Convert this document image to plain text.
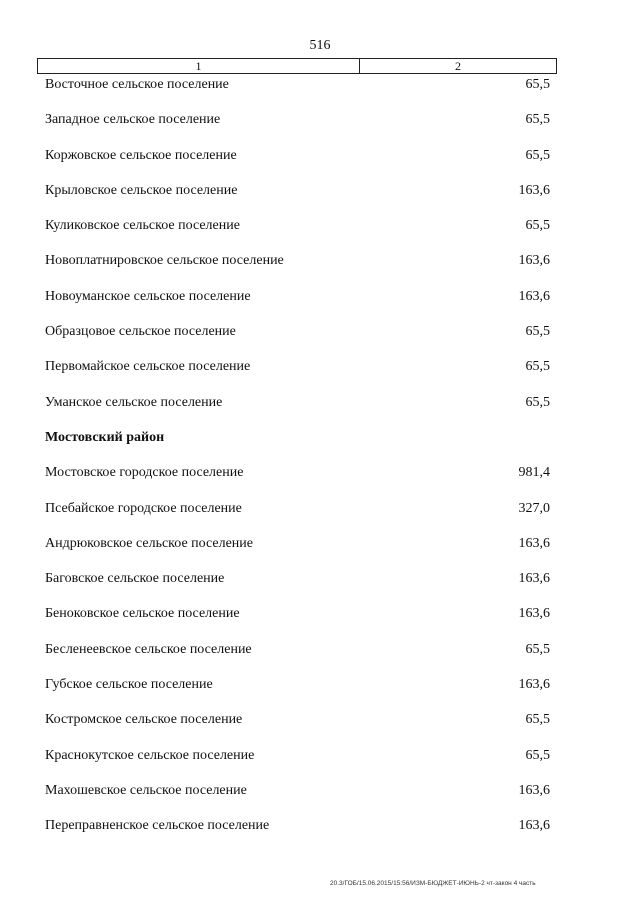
516
1	2
Восточное сельское поселение	65,5
Западное сельское поселение	65,5
Коржовское сельское поселение	65,5
Крыловское сельское поселение	163,6
Куликовское сельское поселение	65,5
Новоплатнировское сельское поселение	163,6
Новоуманское сельское поселение	163,6
Образцовое сельское поселение	65,5
Первомайское сельское поселение	65,5
Уманское сельское поселение	65,5
Мостовский район
Мостовское городское поселение	981,4
Псебайское городское поселение	327,0
Андрюковское сельское поселение	163,6
Баговское сельское поселение	163,6
Беноковское сельское поселение	163,6
Бесленеевское сельское поселение	65,5
Губское сельское поселение	163,6
Костромское сельское поселение	65,5
Краснокутское сельское поселение	65,5
Махошевское сельское поселение	163,6
Переправненское сельское поселение	163,6
20.3/ГОБ/15.06.2015/15:56/ИЗМ-БЮДЖЕТ-ИЮНЬ-2 чт-закон 4 часть
